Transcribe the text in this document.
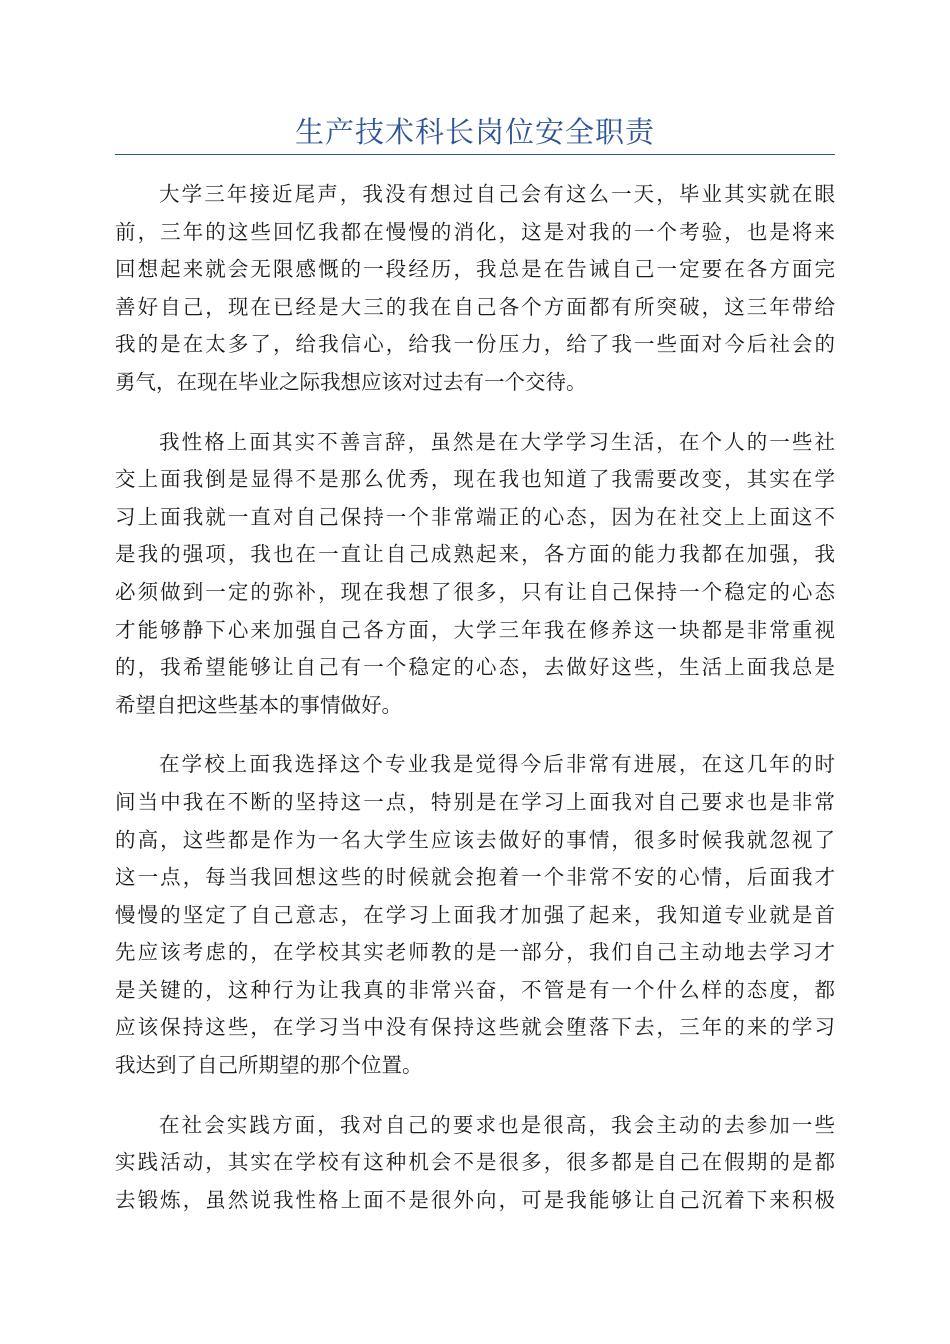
生产技术科长岗位安全职责
大学三年接近尾声，我没有想过自己会有这么一天，毕业其实就在眼
前，三年的这些回忆我都在慢慢的消化，这是对我的一个考验，也是将来
回想起来就会无限感慨的一段经历，我总是在告诫自己一定要在各方面完
善好自己，现在已经是大三的我在自己各个方面都有所突破，这三年带给
我的是在太多了，给我信心，给我一份压力，给了我一些面对今后社会的
勇气，在现在毕业之际我想应该对过去有一个交待。
我性格上面其实不善言辞，虽然是在大学学习生活，在个人的一些社
交上面我倒是显得不是那么优秀，现在我也知道了我需要改变，其实在学
习上面我就一直对自己保持一个非常端正的心态，因为在社交上上面这不
是我的强项，我也在一直让自己成熟起来，各方面的能力我都在加强，我
必须做到一定的弥补，现在我想了很多，只有让自己保持一个稳定的心态
才能够静下心来加强自己各方面，大学三年我在修养这一块都是非常重视
的，我希望能够让自己有一个稳定的心态，去做好这些，生活上面我总是
希望自把这些基本的事情做好。
在学校上面我选择这个专业我是觉得今后非常有进展，在这几年的时
间当中我在不断的坚持这一点，特别是在学习上面我对自己要求也是非常
的高，这些都是作为一名大学生应该去做好的事情，很多时候我就忽视了
这一点，每当我回想这些的时候就会抱着一个非常不安的心情，后面我才
慢慢的坚定了自己意志，在学习上面我才加强了起来，我知道专业就是首
先应该考虑的，在学校其实老师教的是一部分，我们自己主动地去学习才
是关键的，这种行为让我真的非常兴奋，不管是有一个什么样的态度，都
应该保持这些，在学习当中没有保持这些就会堕落下去，三年的来的学习
我达到了自己所期望的那个位置。
在社会实践方面，我对自己的要求也是很高，我会主动的去参加一些
实践活动，其实在学校有这种机会不是很多，很多都是自己在假期的是都
去锻炼，虽然说我性格上面不是很外向，可是我能够让自己沉着下来积极
